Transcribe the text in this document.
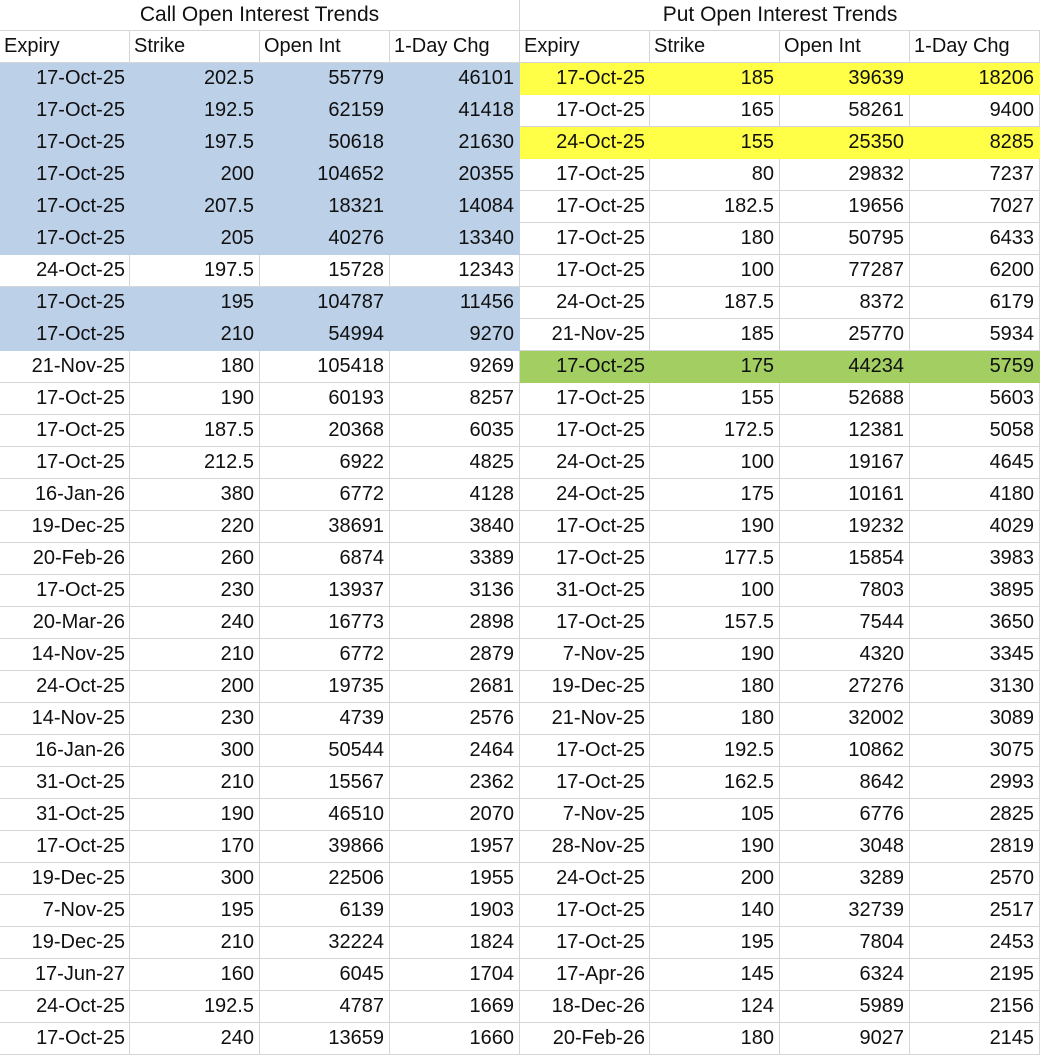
Call Open Interest Trends			
Expiry	Strike	Open Int	1-Day Chg
17-Oct-25	202.5	55779	46101
17-Oct-25	192.5	62159	41418
17-Oct-25	197.5	50618	21630
17-Oct-25	200	104652	20355
17-Oct-25	207.5	18321	14084
17-Oct-25	205	40276	13340
24-Oct-25	197.5	15728	12343
17-Oct-25	195	104787	11456
17-Oct-25	210	54994	9270
21-Nov-25	180	105418	9269
17-Oct-25	190	60193	8257
17-Oct-25	187.5	20368	6035
17-Oct-25	212.5	6922	4825
16-Jan-26	380	6772	4128
19-Dec-25	220	38691	3840
20-Feb-26	260	6874	3389
17-Oct-25	230	13937	3136
20-Mar-26	240	16773	2898
14-Nov-25	210	6772	2879
24-Oct-25	200	19735	2681
14-Nov-25	230	4739	2576
16-Jan-26	300	50544	2464
31-Oct-25	210	15567	2362
31-Oct-25	190	46510	2070
17-Oct-25	170	39866	1957
19-Dec-25	300	22506	1955
7-Nov-25	195	6139	1903
19-Dec-25	210	32224	1824
17-Jun-27	160	6045	1704
24-Oct-25	192.5	4787	1669
17-Oct-25	240	13659	1660
Put Open Interest Trends			
Expiry	Strike	Open Int	1-Day Chg
17-Oct-25	185	39639	18206
17-Oct-25	165	58261	9400
24-Oct-25	155	25350	8285
17-Oct-25	80	29832	7237
17-Oct-25	182.5	19656	7027
17-Oct-25	180	50795	6433
17-Oct-25	100	77287	6200
24-Oct-25	187.5	8372	6179
21-Nov-25	185	25770	5934
17-Oct-25	175	44234	5759
17-Oct-25	155	52688	5603
17-Oct-25	172.5	12381	5058
24-Oct-25	100	19167	4645
24-Oct-25	175	10161	4180
17-Oct-25	190	19232	4029
17-Oct-25	177.5	15854	3983
31-Oct-25	100	7803	3895
17-Oct-25	157.5	7544	3650
7-Nov-25	190	4320	3345
19-Dec-25	180	27276	3130
21-Nov-25	180	32002	3089
17-Oct-25	192.5	10862	3075
17-Oct-25	162.5	8642	2993
7-Nov-25	105	6776	2825
28-Nov-25	190	3048	2819
24-Oct-25	200	3289	2570
17-Oct-25	140	32739	2517
17-Oct-25	195	7804	2453
17-Apr-26	145	6324	2195
18-Dec-26	124	5989	2156
20-Feb-26	180	9027	2145
